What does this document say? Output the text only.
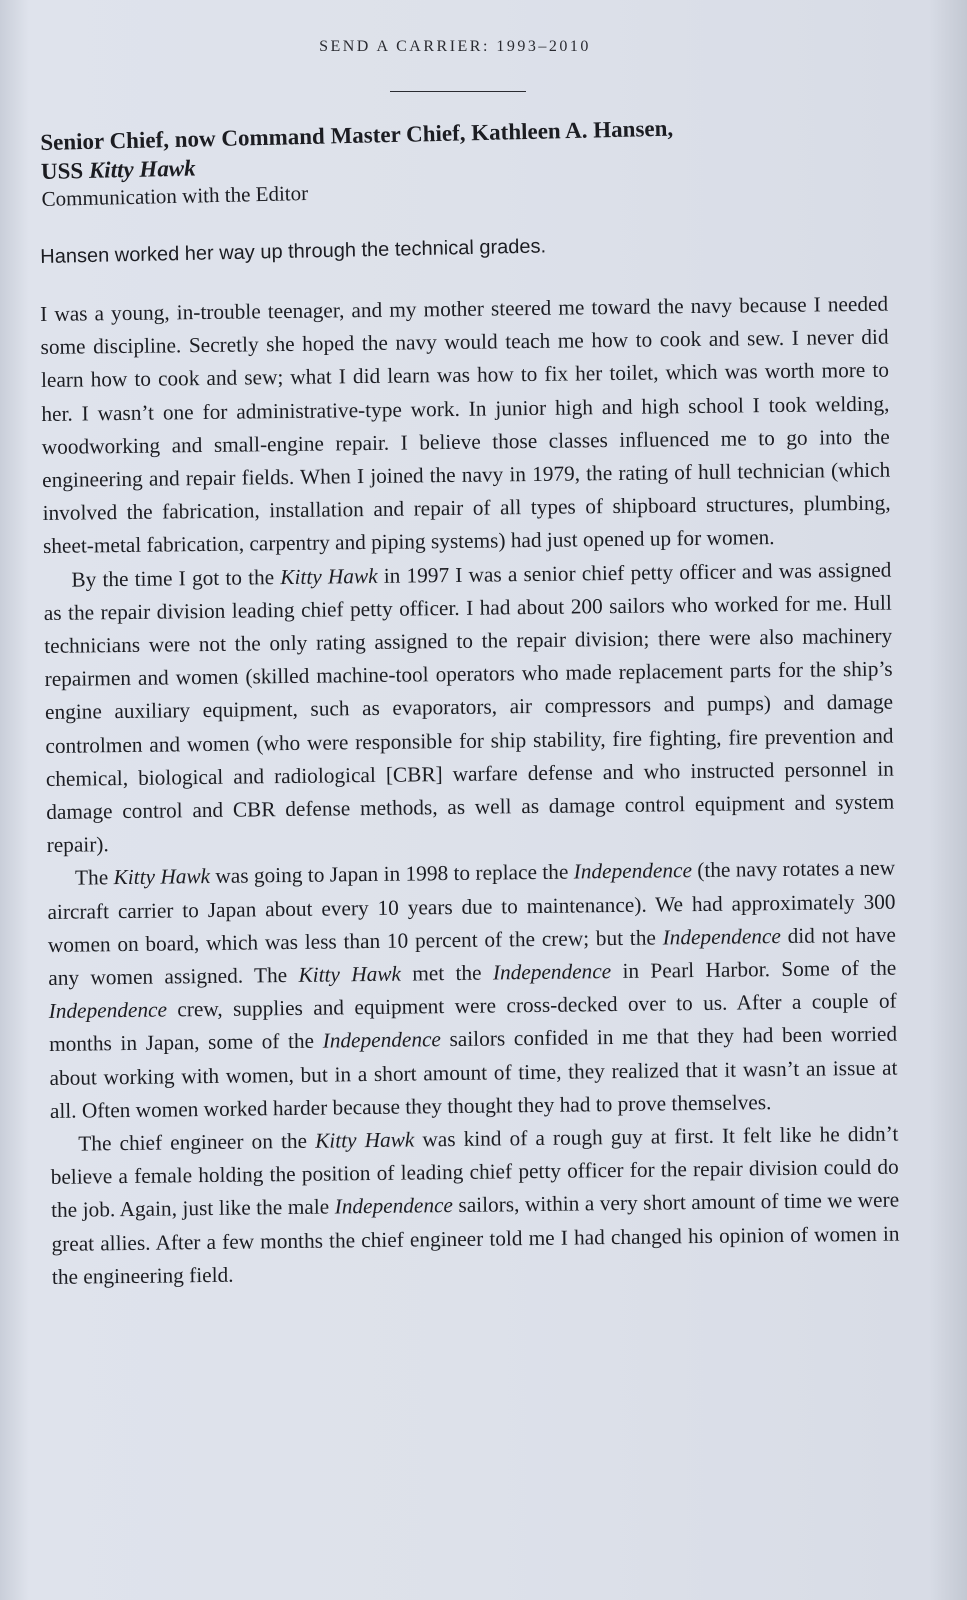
SEND A CARRIER: 1993–2010
Senior Chief, now Command Master Chief, Kathleen A. Hansen,
USS Kitty Hawk
Communication with the Editor
Hansen worked her way up through the technical grades.

I was a young, in-trouble teenager, and my mother steered me toward the navy because I needed some discipline. Secretly she hoped the navy would teach me how to cook and sew. I never did learn how to cook and sew; what I did learn was how to fix her toilet, which was worth more to her. I wasn’t one for administrative-type work. In junior high and high school I took welding, woodworking and small-engine repair. I believe those classes influenced me to go into the engineering and repair fields. When I joined the navy in 1979, the rating of hull technician (which involved the fabrication, installation and repair of all types of shipboard structures, plumbing, sheet-metal fabrication, carpentry and piping systems) had just opened up for women.

By the time I got to the Kitty Hawk in 1997 I was a senior chief petty officer and was assigned as the repair division leading chief petty officer. I had about 200 sailors who worked for me. Hull technicians were not the only rating assigned to the repair division; there were also machinery repairmen and women (skilled machine-tool operators who made replacement parts for the ship’s engine auxiliary equipment, such as evaporators, air compressors and pumps) and damage controlmen and women (who were responsible for ship stability, fire fighting, fire prevention and chemical, biological and radiological [CBR] warfare defense and who instructed personnel in damage control and CBR defense methods, as well as damage control equipment and system repair).

The Kitty Hawk was going to Japan in 1998 to replace the Independence (the navy rotates a new aircraft carrier to Japan about every 10 years due to maintenance). We had approximately 300 women on board, which was less than 10 percent of the crew; but the Independence did not have any women assigned. The Kitty Hawk met the Independence in Pearl Harbor. Some of the Independence crew, supplies and equipment were cross-decked over to us. After a couple of months in Japan, some of the Independence sailors confided in me that they had been worried about working with women, but in a short amount of time, they realized that it wasn’t an issue at all. Often women worked harder because they thought they had to prove themselves.

The chief engineer on the Kitty Hawk was kind of a rough guy at first. It felt like he didn’t believe a female holding the position of leading chief petty officer for the repair division could do the job. Again, just like the male Independence sailors, within a very short amount of time we were great allies. After a few months the chief engineer told me I had changed his opinion of women in the engineering field.
